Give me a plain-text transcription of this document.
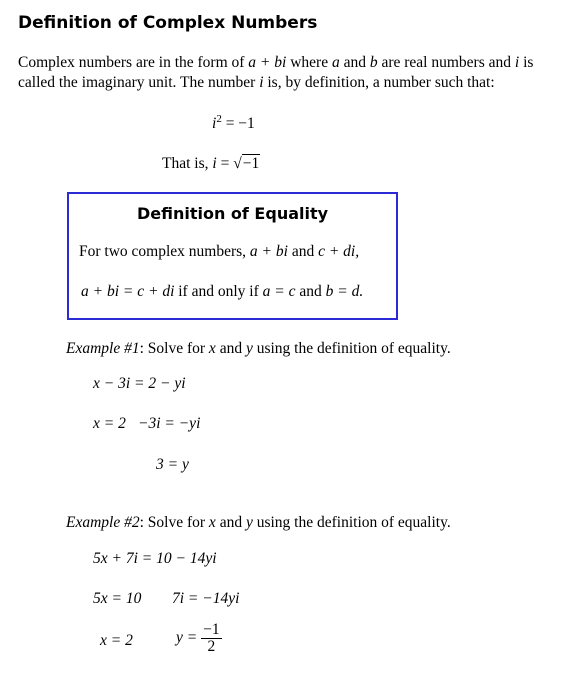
Definition of Complex Numbers
Complex numbers are in the form of a + bi where a and b are real numbers and i is
called the imaginary unit. The number i is, by definition, a number such that:
$i^2 = -1$
That is, i = √−1
Definition of Equality
For two complex numbers, a + bi and c + di,
a + bi = c + di if and only if a = c and b = d.
Example #1: Solve for x and y using the definition of equality.
x − 3i = 2 − yi
x = 2 −3i = −yi
3 = y
Example #2: Solve for x and y using the definition of equality.
5x + 7i = 10 − 14yi
5x = 10 7i = −14yi
x = 2	$y = \frac{-1}{2}$
